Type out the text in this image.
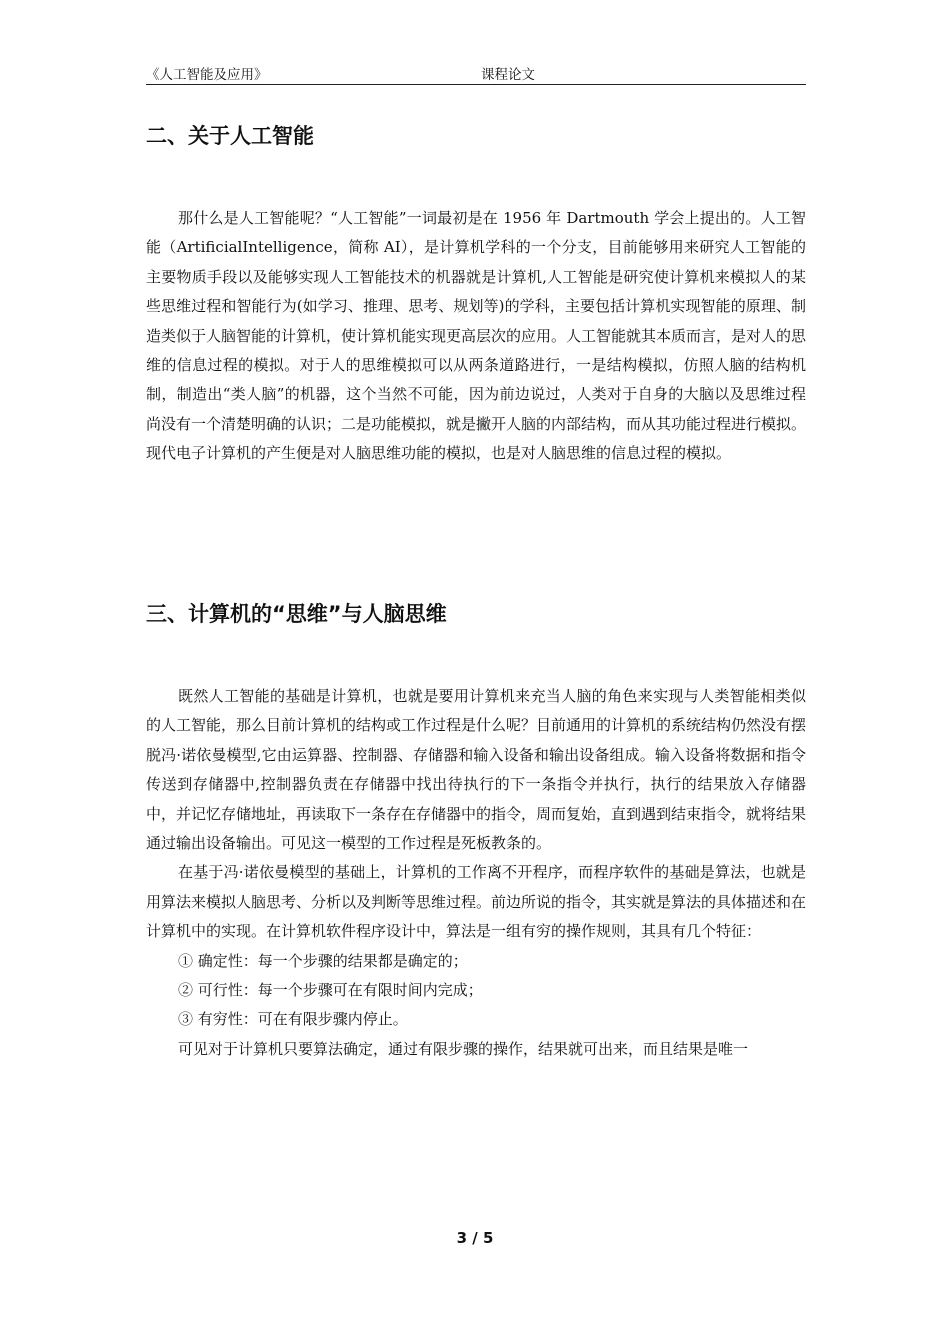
《人工智能及应用》	课程论文
二、关于人工智能

那什么是人工智能呢？“人工智能”一词最初是在 1956 年 Dartmouth 学会上提出的。人工智能（ArtificialIntelligence，简称 AI），是计算机学科的一个分支，目前能够用来研究人工智能的主要物质手段以及能够实现人工智能技术的机器就是计算机,人工智能是研究使计算机来模拟人的某些思维过程和智能行为(如学习、推理、思考、规划等)的学科，主要包括计算机实现智能的原理、制造类似于人脑智能的计算机，使计算机能实现更高层次的应用。人工智能就其本质而言，是对人的思维的信息过程的模拟。对于人的思维模拟可以从两条道路进行，一是结构模拟，仿照人脑的结构机制，制造出“类人脑”的机器，这个当然不可能，因为前边说过，人类对于自身的大脑以及思维过程尚没有一个清楚明确的认识；二是功能模拟，就是撇开人脑的内部结构，而从其功能过程进行模拟。现代电子计算机的产生便是对人脑思维功能的模拟，也是对人脑思维的信息过程的模拟。

三、计算机的“思维”与人脑思维

既然人工智能的基础是计算机，也就是要用计算机来充当人脑的角色来实现与人类智能相类似的人工智能，那么目前计算机的结构或工作过程是什么呢？目前通用的计算机的系统结构仍然没有摆脱冯·诺依曼模型,它由运算器、控制器、存储器和输入设备和输出设备组成。输入设备将数据和指令传送到存储器中,控制器负责在存储器中找出待执行的下一条指令并执行，执行的结果放入存储器中，并记忆存储地址，再读取下一条存在存储器中的指令，周而复始，直到遇到结束指令，就将结果通过输出设备输出。可见这一模型的工作过程是死板教条的。

在基于冯·诺依曼模型的基础上，计算机的工作离不开程序，而程序软件的基础是算法，也就是用算法来模拟人脑思考、分析以及判断等思维过程。前边所说的指令，其实就是算法的具体描述和在计算机中的实现。在计算机软件程序设计中，算法是一组有穷的操作规则，其具有几个特征：

① 确定性：每一个步骤的结果都是确定的；

② 可行性：每一个步骤可在有限时间内完成；

③ 有穷性：可在有限步骤内停止。

可见对于计算机只要算法确定，通过有限步骤的操作，结果就可出来，而且结果是唯一

3 / 5
